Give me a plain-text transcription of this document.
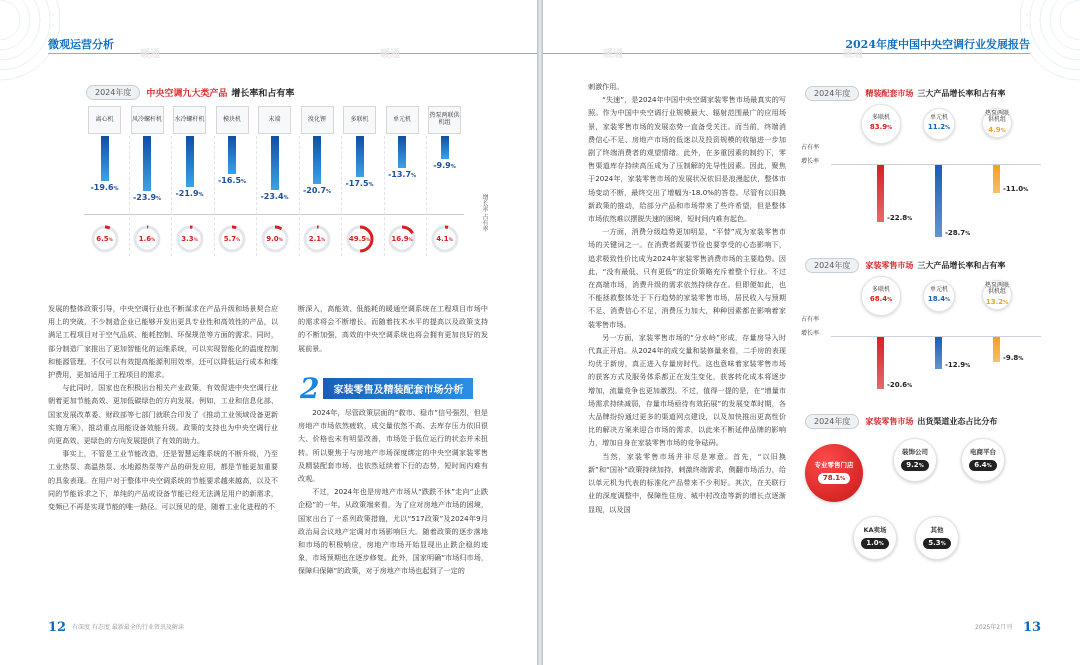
微观运营分析
2024年度	中央空调九大类产品 增长率和占有率
增长率 占有率
离心机
-19.6%
6.5 %
风冷螺杆机
-23.9%
1.6 %
水冷螺杆机
-21.9%
3.3 %
模块机
-16.5%
5.7 %
末端
-23.4%
9.0 %
溴化锂
-20.7%
2.1 %
多联机
-17.5%
49.5 %
单元机
-13.7%
16.9 %
热泵两联供机组
-9.9%
4.1 %

发展的整体政策引导，中央空调行业也不断谋求在产品升级和场景契合应用上的突破，不少制造企业已能够开发出更具专业性和高效性的产品，以满足工程项目对于空气品质、能耗控制、环保规范等方面的需求。同时，部分制造厂家推出了更加智能化的运维系统，可以实现智能化的温度控制和能源管理，不仅可以有效提高能源利用效率，还可以降低运行成本和维护费用，更加适用于工程项目的需求。

与此同时，国家也在积极出台相关产业政策，有效促进中央空调行业朝着更加节能高效、更加低碳绿色的方向发展。例如，工业和信息化部、国家发展改革委、财政部等七部门就联合印发了《推动工业领域设备更新实施方案》，推动重点用能设备效能升级。政策的支持也为中央空调行业向更高效、更绿色的方向发展提供了有效的助力。

事实上，不管是工业节能改造，还是智慧运维系统的不断升级，乃至工业热泵、高温热泵、水地源热泵等产品的研发应用，都是节能更加重要的具象表现。在用户对于整体中央空调系统的节能要求越来越高，以及不同的节能诉求之下，单纯的产品或设备节能已经无法满足用户的新需求，变频已不再是实现节能的唯一路径。可以预见的是，随着工业化进程的不

断深入，高能效、低能耗的暖通空调系统在工程项目市场中的需求将会不断增长。而随着技术水平的提高以及政策支持的不断加强，高效的中央空调系统也将会拥有更加良好的发展前景。

2	家装零售及精装配套市场分析

2024年，尽管政策层面的“救市、稳市”信号强烈，但是房地产市场依然疲软，成交量依然不高、去库存压力依旧很大、价格也未有明显改善，市场处于低位运行的状态并未扭转。所以聚焦于与房地产市场深度绑定的中央空调家装零售及精装配套市场，也依然延续着下行的态势，短时间内难有改观。

不过，2024年也是房地产市场从“跌跌不休”走向“止跌企稳”的一年。从政策端来看，为了应对房地产市场的困境，国家出台了一系列政策措施，尤以“517政策”及2024年9月政治局会议地产定调对市场影响巨大。随着政策的逐步落地和市场的积极响应，房地产市场开始显现出止跌企稳的迹象，市场预期也在逐步修复。此外，国家明确“市场归市场，保障归保障”的政策，对于房地产市场也起到了一定的

暖通	暖通
12 有深度 有态度 最新最全的行业资讯及解读
2024年度中国中央空调行业发展报告

刺激作用。

“失速”，是2024年中国中央空调家装零售市场最真实的写照。作为中国中央空调行业规模最大、辐射范围最广的应用场景，家装零售市场的发展态势一直备受关注。而当前，终端消费信心不足、房地产市场的低迷以及投资规模的收缩进一步加剧了终端消费者的观望情绪。此外，在多重因素的制约下，零售渠道库存持续高压成为了压制解的先导性因素。因此，聚焦于2024年，家装零售市场的发展状况依旧是浪漫起伏，整体市场变动不断，最终交出了增幅为-18.0%的答卷。尽管有以旧换新政策的推动，给部分产品和市场带来了些许希望，但是整体市场依然难以摆脱失速的困境，短时间内难有起色。

一方面，消费分级趋势更加明显，“平替”成为家装零售市场的关键词之一。在消费者既要节俭也要享受的心态影响下，追求极致性价比成为2024年家装零售消费市场的主要趋势。因此，“没有最低、只有更低”的定价策略充斥着整个行业。不过在高端市场，消费升级的需求依然持续存在。但即便如此，也不能拯救整体处于下行趋势的家装零售市场，居民收入与预期不足、消费信心不足，消费压力加大，种种因素都在影响着家装零售市场。

另一方面，家装零售市场的“分水岭”形成，存量房导入时代真正开启。从2024年的成交量和装修量来看，二手房的表现均优于新房，真正进入存量房时代。这也意味着家装零售市场的获客方式及服务体系都正在发生变化，获客转化成本将逐步增加，流量竞争也更加激烈。不过，值得一提的是，在“增量市场需求持续减弱，存量市场亟待有效拓展”的发展变革时期，各大品牌纷纷通过更多的渠道网点建设，以及加快推出更高性价比的解决方案来迎合市场的需求，以此来不断延伸品牌的影响力，增加自身在家装零售市场的竞争砝码。

当然，家装零售市场并非尽是寒意。首先，“以旧换新”和“国补”政策持续加持，刺激终端需求，侧翻市场活力，给以单元机为代表的标准化产品带来不少利好。其次，在关联行业的深度调整中，保障性住房、城中村改造等新的增长点逐渐显现，以及国

2024年度	精装配套市场 三大产品增长率和占有率
占有率
增长率
多联机
83.9%
-22.8%
单元机
11.2%
-28.7%
热泵两联供机组
4.9%
-11.0%
2024年度	家装零售市场 三大产品增长率和占有率
占有率
增长率
多联机
68.4%
-20.6%
单元机
18.4%
-12.9%
热泵两联供机组
13.2%
-9.8%
2024年度	家装零售市场 出货渠道业态占比分布
专业零售门店
78.1%
装饰公司
9.2%
电商平台
6.4%
KA卖场
1.0%
其他
5.3%
暖通	暖通
2025年2月刊 13
